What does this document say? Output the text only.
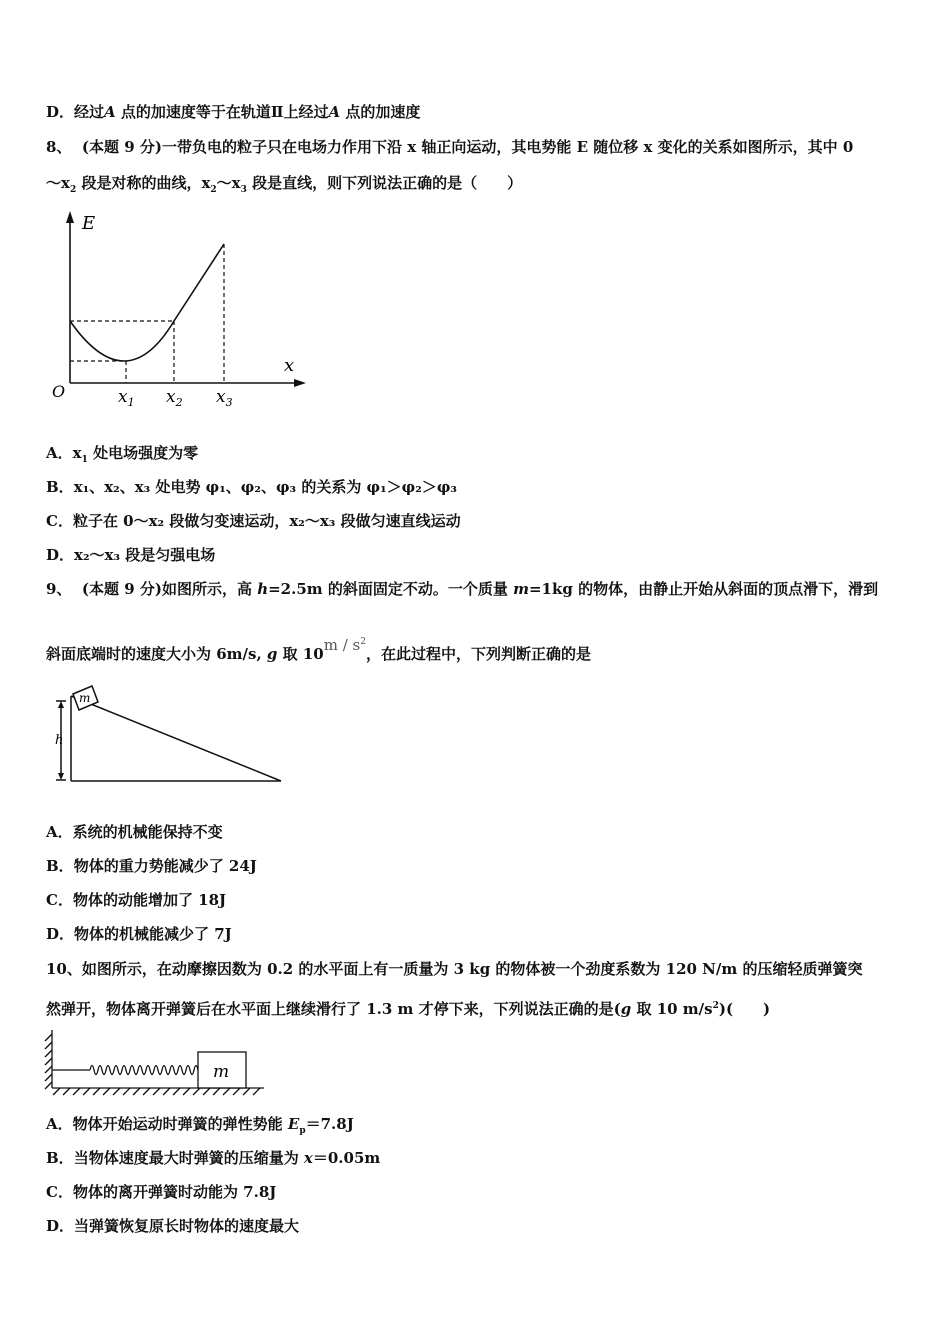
D．经过A 点的加速度等于在轨道Ⅱ上经过A 点的加速度
8、 (本题 9 分)一带负电的粒子只在电场力作用下沿 x 轴正向运动，其电势能 E 随位移 x 变化的关系如图所示，其中 0
$\sim x_2$ 段是对称的曲线，$x_2\sim x_3$ 段是直线，则下列说法正确的是（　　）
E
x
O	$x_1$ $x_2$ $x_3$
A．$x_1$ 处电场强度为零
B．x₁、x₂、x₃ 处电势 φ₁、φ₂、φ₃ 的关系为 φ₁＞φ₂＞φ₃
C．粒子在 0～x₂ 段做匀变速运动，x₂～x₃ 段做匀速直线运动
D．x₂～x₃ 段是匀强电场
9、 (本题 9 分)如图所示，高 h=2.5m 的斜面固定不动。一个质量 m=1kg 的物体，由静止开始从斜面的顶点滑下，滑到
斜面底端时的速度大小为 6m/s, g 取 $10m / s^2$，在此过程中，下列判断正确的是
m
h
A．系统的机械能保持不变
B．物体的重力势能减少了 24J
C．物体的动能增加了 18J
D．物体的机械能减少了 7J
10、如图所示，在动摩擦因数为 0.2 的水平面上有一质量为 3 kg 的物体被一个劲度系数为 120 N/m 的压缩轻质弹簧突
然弹开，物体离开弹簧后在水平面上继续滑行了 1.3 m 才停下来，下列说法正确的是(g 取 10 $m/s^2$)(　　)
m
A．物体开始运动时弹簧的弹性势能 $E_p=7.8J$
B．当物体速度最大时弹簧的压缩量为 x＝0.05m
C．物体的离开弹簧时动能为 7.8J
D．当弹簧恢复原长时物体的速度最大
